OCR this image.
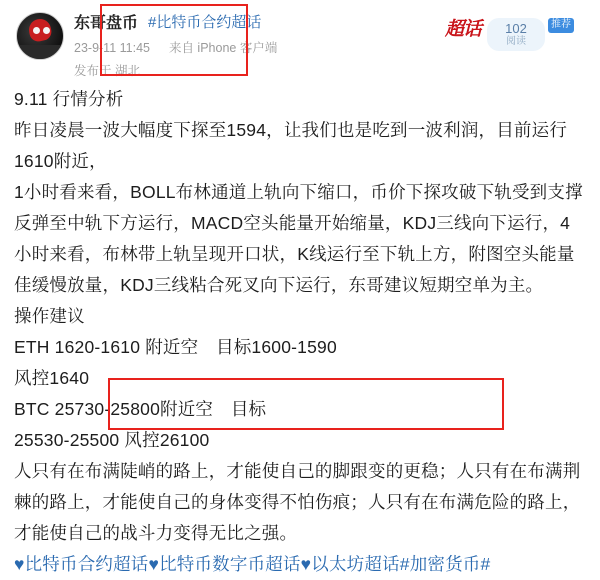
东哥盘币 #比特币合约超话
23-9-11 11:45 来自 iPhone 客户端
发布于 湖北
超话	102
阅读
推荐

9.11 行情分析

昨日凌晨一波大幅度下探至1594，让我们也是吃到一波利润，目前运行1610附近，

1小时看来看，BOLL布林通道上轨向下缩口，币价下探攻破下轨受到支撑反弹至中轨下方运行，MACD空头能量开始缩量，KDJ三线向下运行，4小时来看，布林带上轨呈现开口状，K线运行至下轨上方，附图空头能量佳缓慢放量，KDJ三线粘合死叉向下运行，东哥建议短期空单为主。

操作建议

ETH 1620-1610 附近空　目标1600-1590

风控1640

BTC 25730-25800附近空　目标

25530-25500 风控26100

人只有在布满陡峭的路上，才能使自己的脚跟变的更稳；人只有在布满荆棘的路上，才能使自己的身体变得不怕伤痕；人只有在布满危险的路上，才能使自己的战斗力变得无比之强。

♥比特币合约超话♥比特币数字币超话♥以太坊超话#加密货币#
